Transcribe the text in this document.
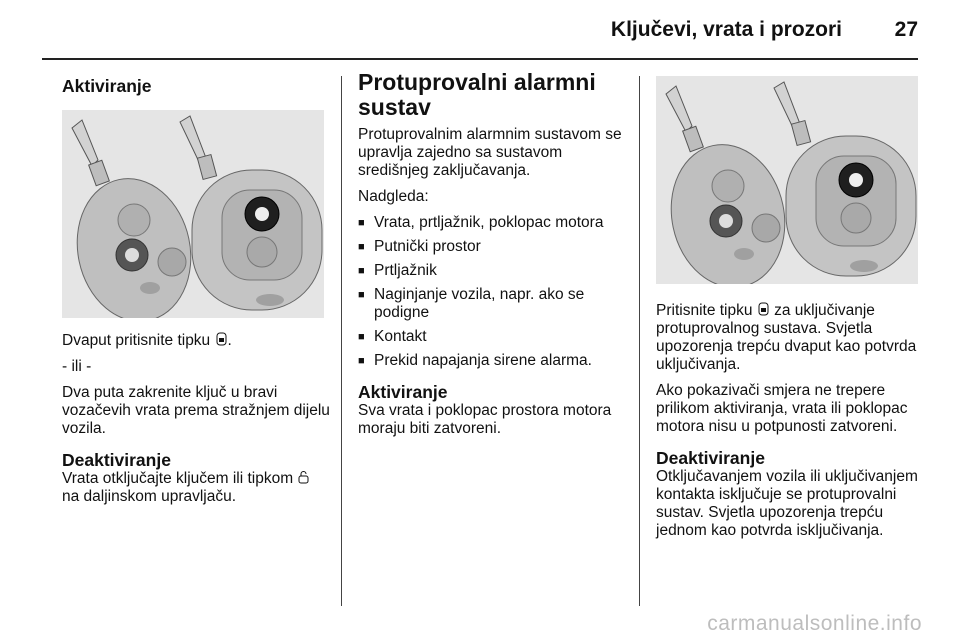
Ključevi, vrata i prozori	27
Aktiviranje

Dvaput pritisnite tipku .

- ili -

Dva puta zakrenite ključ u bravi vozačevih vrata prema stražnjem dijelu vozila.

Deaktiviranje

Vrata otključajte ključem ili tipkom  na daljinskom upravljaču.

Protuprovalni alarmni sustav

Protuprovalnim alarmnim sustavom se upravlja zajedno sa sustavom središnjeg zaključavanja.

Nadgleda:

■ Vrata, prtljažnik, poklopac motora
■ Putnički prostor
■ Prtljažnik
■ Naginjanje vozila, napr. ako se podigne
■ Kontakt
■ Prekid napajanja sirene alarma.
Aktiviranje

Sva vrata i poklopac prostora motora moraju biti zatvoreni.

Pritisnite tipku za uključivanje protuprovalnog sustava. Svjetla upozorenja trepću dvaput kao potvrda uključivanja.

Ako pokazivači smjera ne trepere prilikom aktiviranja, vrata ili poklopac motora nisu u potpunosti zatvoreni.

Deaktiviranje

Otključavanjem vozila ili uključivanjem kontakta isključuje se protuprovalni sustav. Svjetla upozorenja trepću jednom kao potvrda isključivanja.

carmanualsonline.info
